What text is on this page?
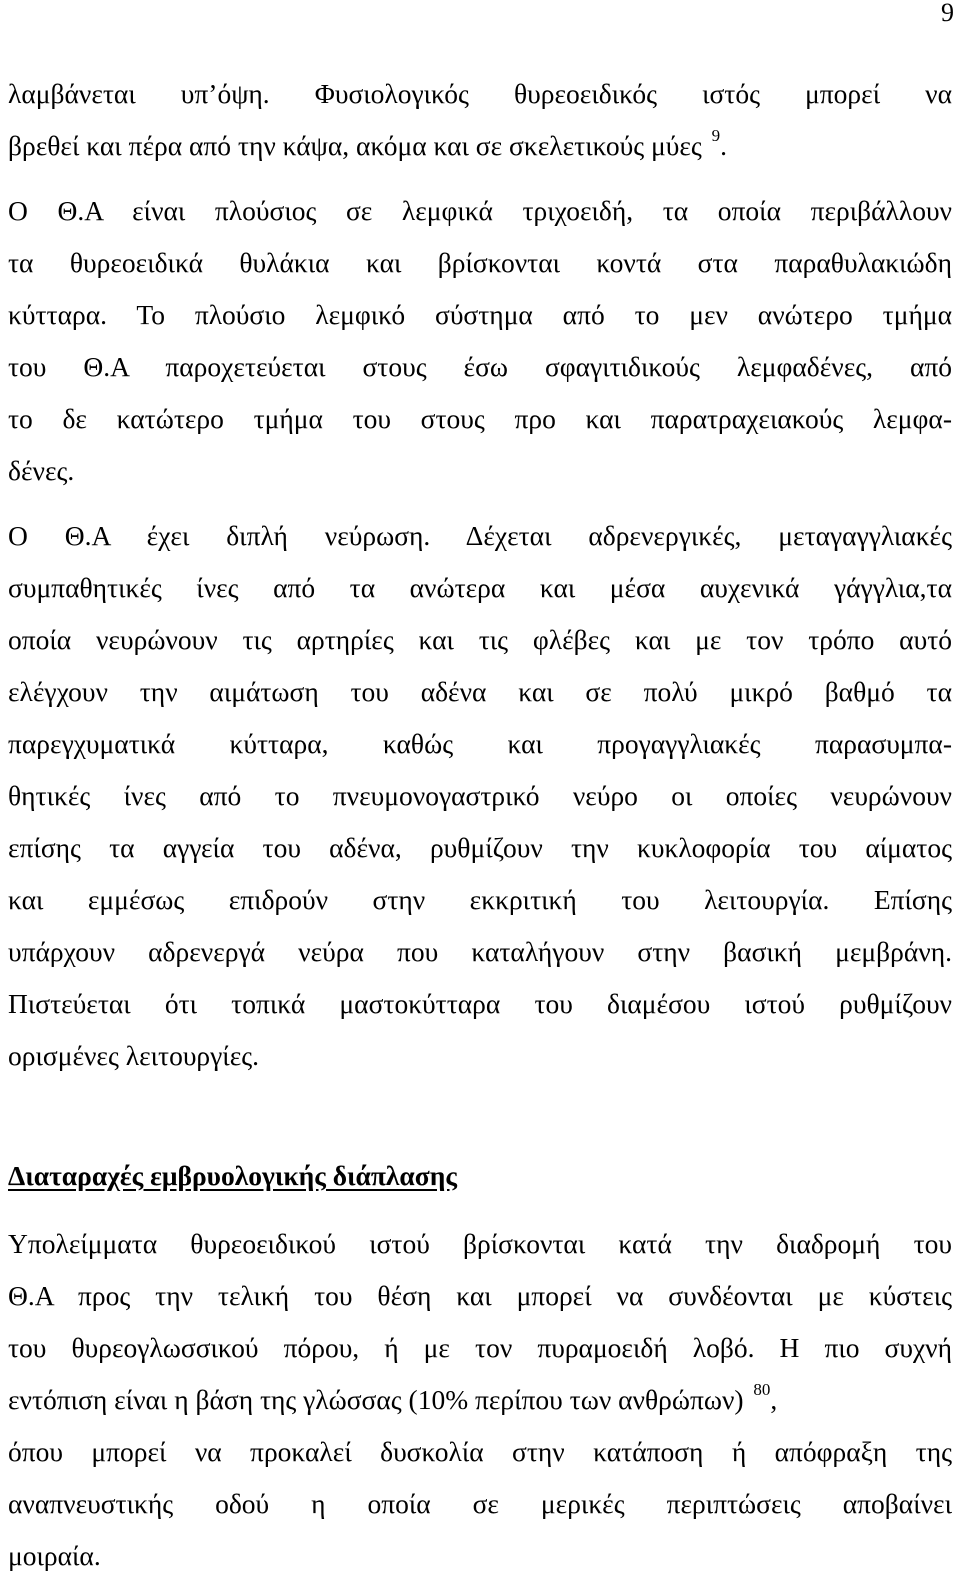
9
λαμβάνεται υπ’όψη. Φυσιολογικός θυρεοειδικός ιστός μπορεί να
βρεθεί και πέρα από την κάψα, ακόμα και σε σκελετικούς μύες $^9$.
Ο Θ.Α είναι πλούσιος σε λεμφικά τριχοειδή, τα οποία περιβάλλουν
τα θυρεοειδικά θυλάκια και βρίσκονται κοντά στα παραθυλακιώδη
κύτταρα. Το πλούσιο λεμφικό σύστημα από το μεν ανώτερο τμήμα
του Θ.Α παροχετεύεται στους έσω σφαγιτιδικούς λεμφαδένες, από
το δε κατώτερο τμήμα του στους προ και παρατραχειακούς λεμφα-
δένες.
Ο Θ.Α έχει διπλή νεύρωση. Δέχεται αδρενεργικές, μεταγαγγλιακές
συμπαθητικές ίνες από τα ανώτερα και μέσα αυχενικά γάγγλια,τα
οποία νευρώνουν τις αρτηρίες και τις φλέβες και με τον τρόπο αυτό
ελέγχουν την αιμάτωση του αδένα και σε πολύ μικρό βαθμό τα
παρεγχυματικά κύτταρα, καθώς και προγαγγλιακές παρασυμπα-
θητικές ίνες από το πνευμονογαστρικό νεύρο οι οποίες νευρώνουν
επίσης τα αγγεία του αδένα, ρυθμίζουν την κυκλοφορία του αίματος
και εμμέσως επιδρούν στην εκκριτική του λειτουργία. Επίσης
υπάρχουν αδρενεργά νεύρα που καταλήγουν στην βασική μεμβράνη.
Πιστεύεται ότι τοπικά μαστοκύτταρα του διαμέσου ιστού ρυθμίζουν
ορισμένες λειτουργίες.
Διαταραχές εμβρυολογικής διάπλασης
Υπολείμματα θυρεοειδικού ιστού βρίσκονται κατά την διαδρομή του
Θ.Α προς την τελική του θέση και μπορεί να συνδέονται με κύστεις
του θυρεογλωσσικού πόρου, ή με τον πυραμοειδή λοβό. Η πιο συχνή
εντόπιση είναι η βάση της γλώσσας (10% περίπου των ανθρώπων) $^{80}$,
όπου μπορεί να προκαλεί δυσκολία στην κατάποση ή απόφραξη της
αναπνευστικής οδού η οποία σε μερικές περιπτώσεις αποβαίνει
μοιραία.
